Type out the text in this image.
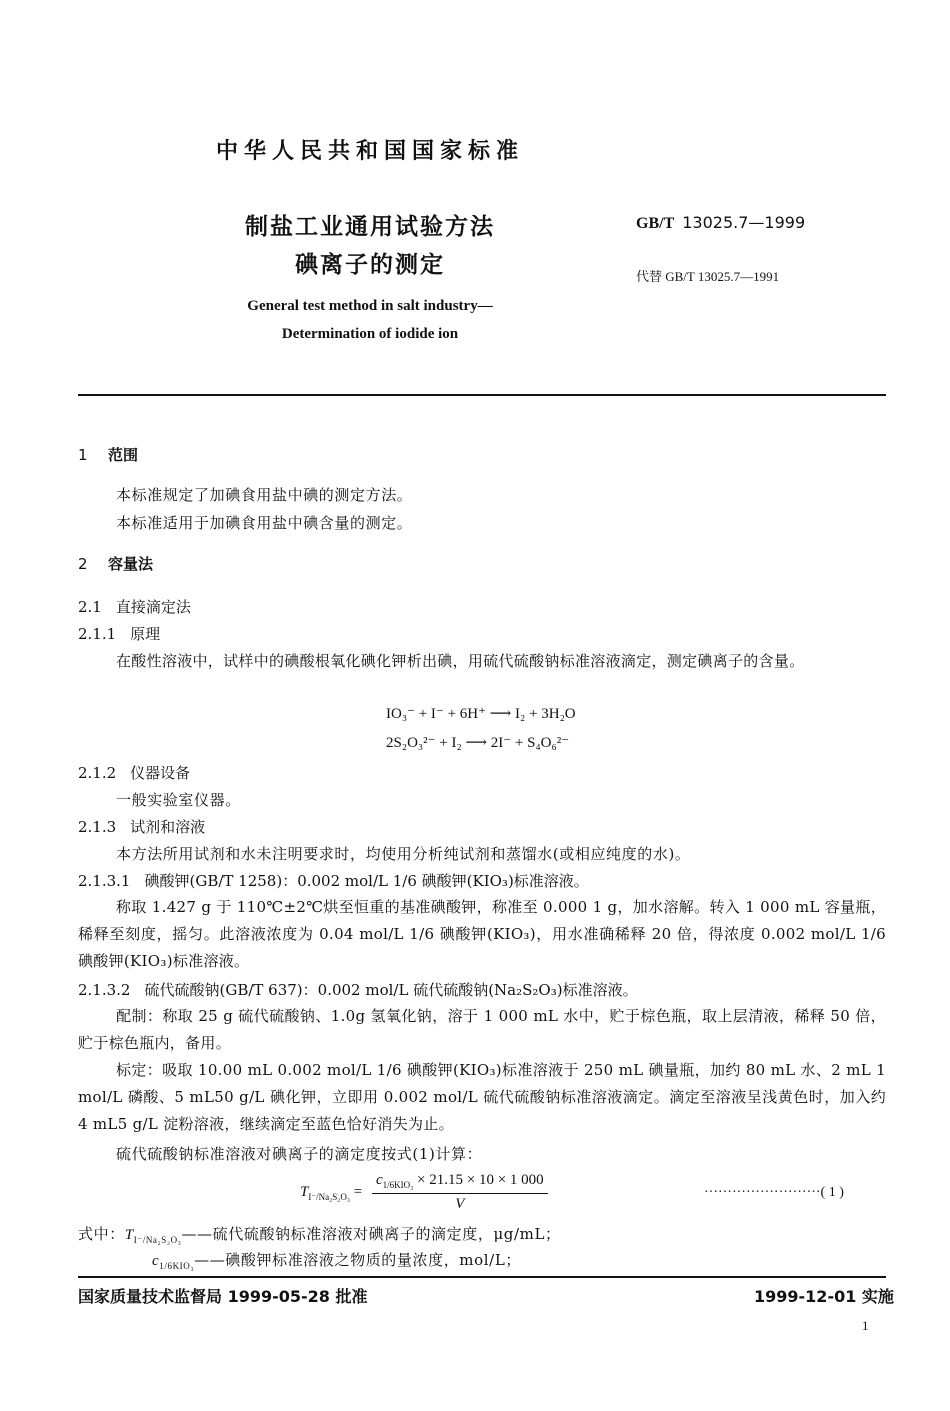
中华人民共和国国家标准
制盐工业通用试验方法
碘离子的测定
GB/T 13025.7—1999
代替 GB/T 13025.7—1991
General test method in salt industry—
Determination of iodide ion
1 范围
本标准规定了加碘食用盐中碘的测定方法。
本标准适用于加碘食用盐中碘含量的测定。
2 容量法
2.1 直接滴定法
2.1.1 原理
在酸性溶液中，试样中的碘酸根氧化碘化钾析出碘，用硫代硫酸钠标准溶液滴定，测定碘离子的含量。
IO₃⁻ + I⁻ + 6H⁺ ⟶ I₂ + 3H₂O
2S₂O₃²⁻ + I₂ ⟶ 2I⁻ + S₄O₆²⁻
2.1.2 仪器设备
一般实验室仪器。
2.1.3 试剂和溶液
本方法所用试剂和水未注明要求时，均使用分析纯试剂和蒸馏水(或相应纯度的水)。
2.1.3.1 碘酸钾(GB/T 1258)：0.002 mol/L 1/6 碘酸钾(KIO₃)标准溶液。
称取 1.427 g 于 110℃±2℃烘至恒重的基准碘酸钾，称准至 0.000 1 g，加水溶解。转入 1 000 mL 容量瓶，稀释至刻度，摇匀。此溶液浓度为 0.04 mol/L 1/6 碘酸钾(KIO₃)，用水准确稀释 20 倍，得浓度 0.002 mol/L 1/6 碘酸钾(KIO₃)标准溶液。
2.1.3.2 硫代硫酸钠(GB/T 637)：0.002 mol/L 硫代硫酸钠(Na₂S₂O₃)标准溶液。
配制：称取 25 g 硫代硫酸钠、1.0g 氢氧化钠，溶于 1 000 mL 水中，贮于棕色瓶，取上层清液，稀释 50 倍，贮于棕色瓶内，备用。
标定：吸取 10.00 mL 0.002 mol/L 1/6 碘酸钾(KIO₃)标准溶液于 250 mL 碘量瓶，加约 80 mL 水、2 mL 1 mol/L 磷酸、5 mL50 g/L 碘化钾，立即用 0.002 mol/L 硫代硫酸钠标准溶液滴定。滴定至溶液呈浅黄色时，加入约 4 mL5 g/L 淀粉溶液，继续滴定至蓝色恰好消失为止。
硫代硫酸钠标准溶液对碘离子的滴定度按式(1)计算：
$T_{I^-/Na_2S_2O_3} = \frac{c_{1/6KIO_3} \times 21.15 \times 10 \times 1 000}{V}$	·························( 1 )
式中：$T_{I^-/Na_2S_2O_3}——$硫代硫酸钠标准溶液对碘离子的滴定度，μg/mL；
$c_{1/6KIO_3}——$碘酸钾标准溶液之物质的量浓度，mol/L；
国家质量技术监督局 1999-05-28 批准	1999-12-01 实施
1
